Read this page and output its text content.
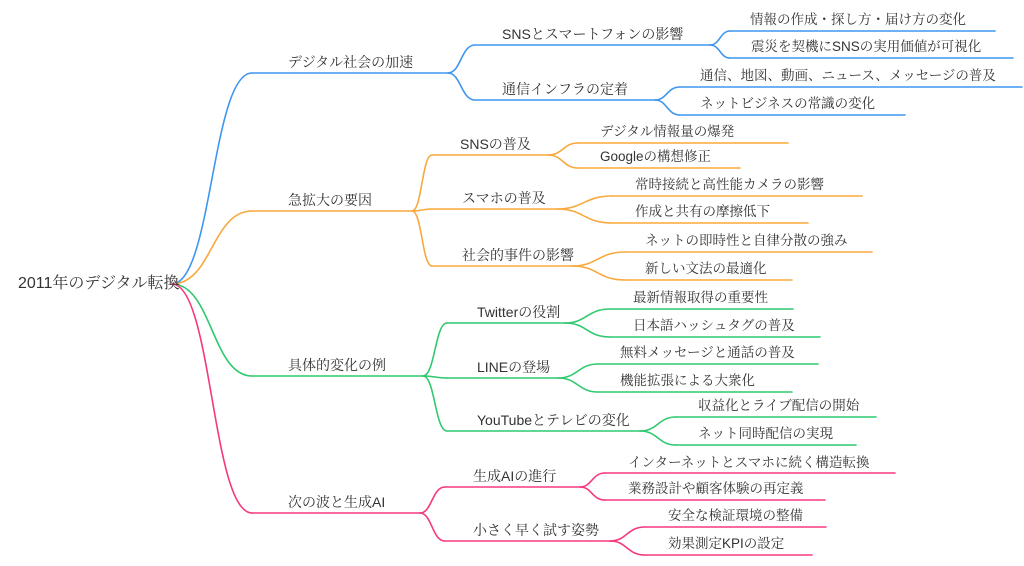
2011年のデジタル転換
デジタル社会の加速
SNSとスマートフォンの影響
通信インフラの定着
情報の作成・探し方・届け方の変化
震災を契機にSNSの実用価値が可視化
通信、地図、動画、ニュース、メッセージの普及
ネットビジネスの常識の変化
急拡大の要因
SNSの普及
スマホの普及
社会的事件の影響
デジタル情報量の爆発
Googleの構想修正
常時接続と高性能カメラの影響
作成と共有の摩擦低下
ネットの即時性と自律分散の強み
新しい文法の最適化
具体的変化の例
Twitterの役割
LINEの登場
YouTubeとテレビの変化
最新情報取得の重要性
日本語ハッシュタグの普及
無料メッセージと通話の普及
機能拡張による大衆化
収益化とライブ配信の開始
ネット同時配信の実現
次の波と生成AI
生成AIの進行
小さく早く試す姿勢
インターネットとスマホに続く構造転換
業務設計や顧客体験の再定義
安全な検証環境の整備
効果測定KPIの設定
